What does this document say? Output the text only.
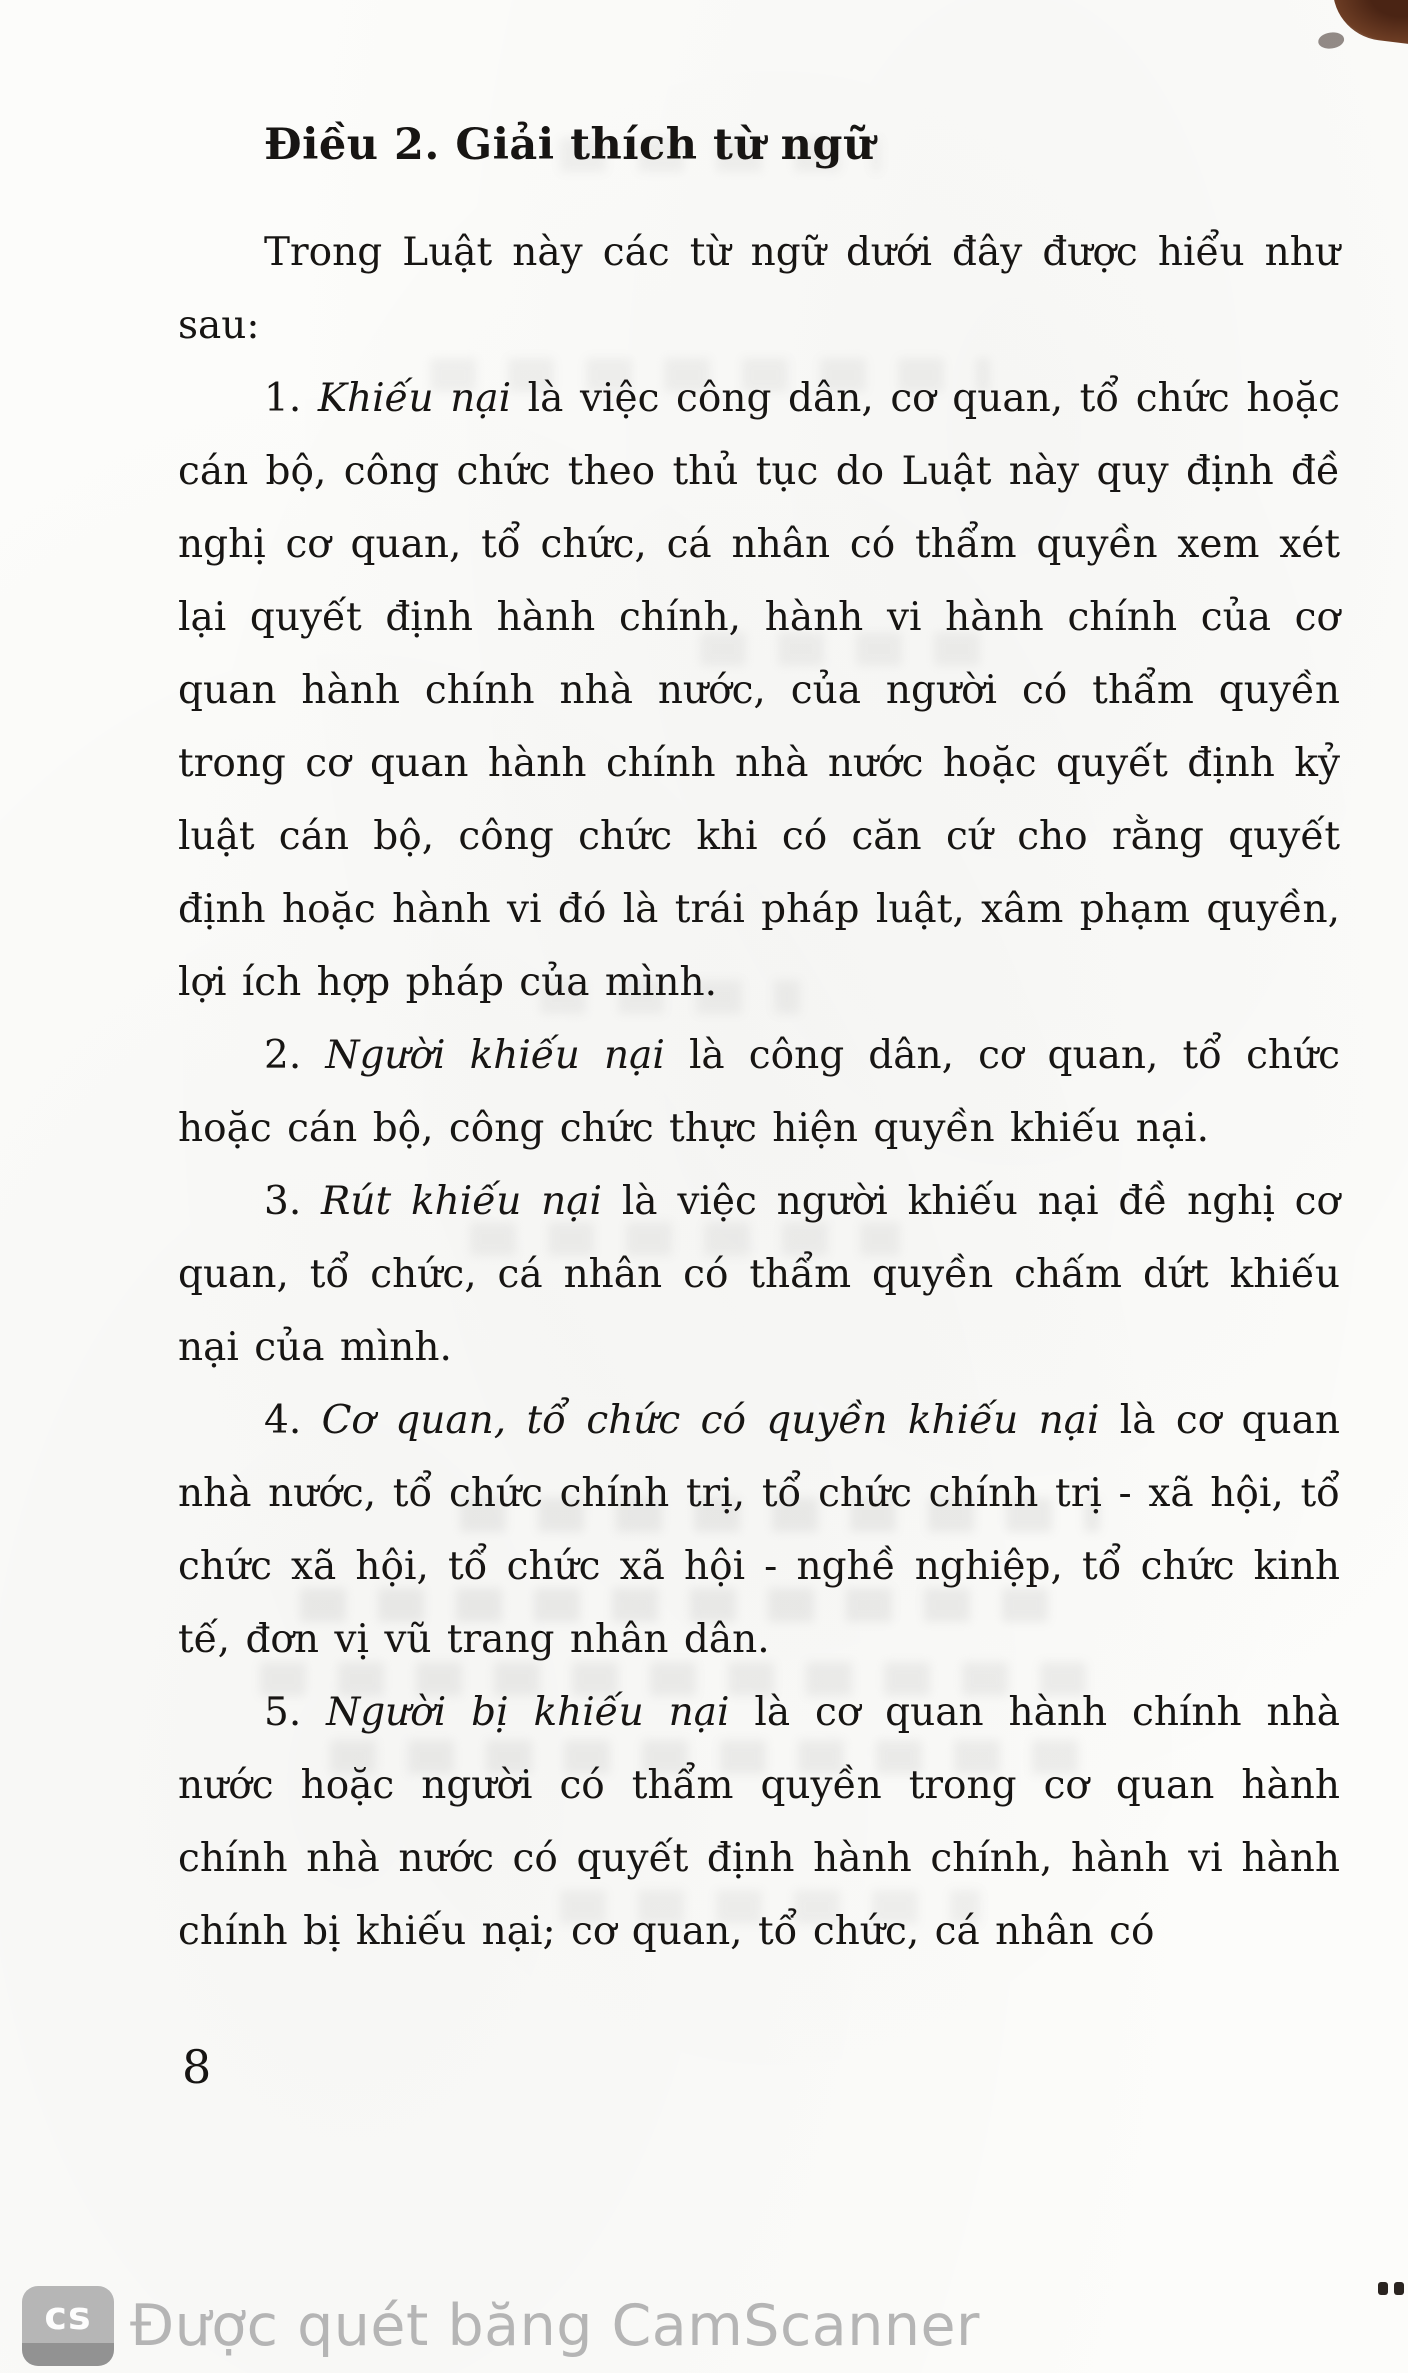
Điều 2. Giải thích từ ngữ

Trong Luật này các từ ngữ dưới đây được hiểu như sau:

1. Khiếu nại là việc công dân, cơ quan, tổ chức hoặc cán bộ, công chức theo thủ tục do Luật này quy định đề nghị cơ quan, tổ chức, cá nhân có thẩm quyền xem xét lại quyết định hành chính, hành vi hành chính của cơ quan hành chính nhà nước, của người có thẩm quyền trong cơ quan hành chính nhà nước hoặc quyết định kỷ luật cán bộ, công chức khi có căn cứ cho rằng quyết định hoặc hành vi đó là trái pháp luật, xâm phạm quyền, lợi ích hợp pháp của mình.

2. Người khiếu nại là công dân, cơ quan, tổ chức hoặc cán bộ, công chức thực hiện quyền khiếu nại.

3. Rút khiếu nại là việc người khiếu nại đề nghị cơ quan, tổ chức, cá nhân có thẩm quyền chấm dứt khiếu nại của mình.

4. Cơ quan, tổ chức có quyền khiếu nại là cơ quan nhà nước, tổ chức chính trị, tổ chức chính trị - xã hội, tổ chức xã hội, tổ chức xã hội - nghề nghiệp, tổ chức kinh tế, đơn vị vũ trang nhân dân.

5. Người bị khiếu nại là cơ quan hành chính nhà nước hoặc người có thẩm quyền trong cơ quan hành chính nhà nước có quyết định hành chính, hành vi hành chính bị khiếu nại; cơ quan, tổ chức, cá nhân có

8
cs Được quét băng CamScanner
